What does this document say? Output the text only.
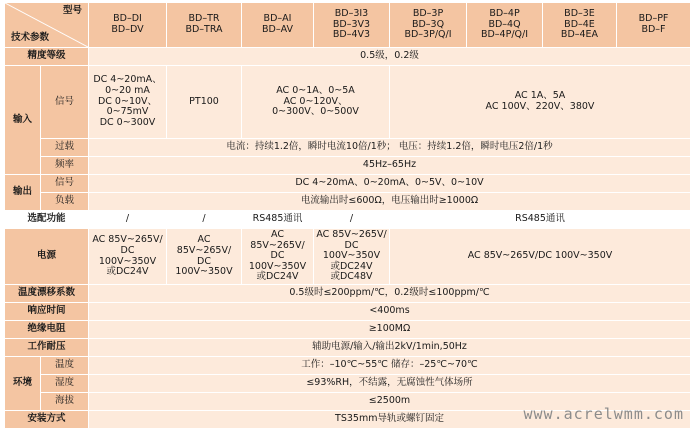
型号
技术参数		BD–DI
BD–DV	BD–TR
BD–TRA	BD–AI
BD–AV	BD–3I3
BD–3V3
BD–4V3	BD–3P
BD–3Q
BD–3P/Q/I	BD–4P
BD–4Q
BD–4P/Q/I	BD–3E
BD–4E
BD–4EA	BD–PF
BD–F
精度等级		0.5级，0.2级							
输入	信号	DC 4~20mA、
0~20 mA
DC 0~10V、
0~75mV
DC 0~300V	PT100	AC 0~1A、0~5A
AC 0~120V、
0~300V、0~500V		AC 1A、5A
AC 100V、220V、380V			
	过载	电流：持续1.2倍，瞬时电流10倍/1秒； 电压：持续1.2倍，瞬时电压2倍/1秒							
	频率	45Hz–65Hz							
输出	信号	DC 4~20mA、0~20mA、0~5V、0~10V							
	负载	电流输出时≤600Ω，电压输出时≥1000Ω							
选配功能		/	/	RS485通讯	/	RS485通讯			
电源		AC 85V~265V/
DC 100V~350V
或DC24V	AC 85V~265V/
DC 100V~350V	AC 85V~265V/
DC 100V~350V
或DC24V	AC 85V~265V/
DC 100V~350V
或DC24V
或DC48V	AC 85V~265V/DC 100V~350V			
温度漂移系数		0.5级时≤200ppm/℃，0.2级时≤100ppm/℃							
响应时间		<400ms							
绝缘电阻		≥100MΩ							
工作耐压		辅助电源/输入/输出2kV/1min,50Hz							
环境	温度	工作：–10℃~55℃ 储存：–25℃~70℃							
	湿度	≤93%RH，不结露，无腐蚀性气体场所							
	海拔	≤2500m							
安装方式		TS35mm导轨或螺钉固定								www.acrelwmm.com
